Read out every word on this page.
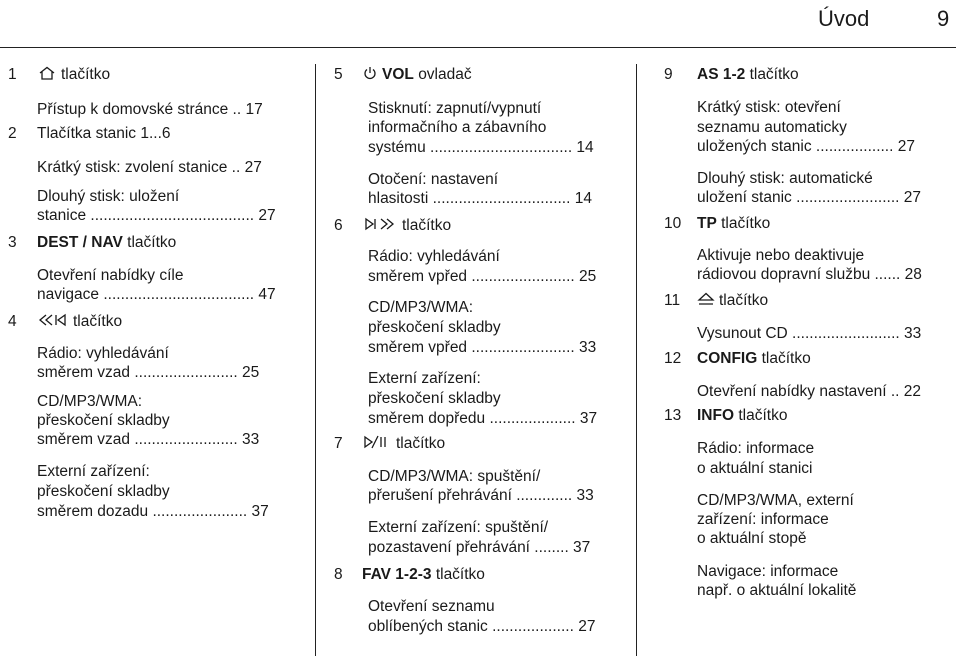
Úvod	9
1	tlačítko
Přístup k domovské stránce .. 17
2 Tlačítka stanic 1...6
Krátký stisk: zvolení stanice .. 27
Dlouhý stisk: uložení
stanice ...................................... 27
3 DEST / NAV tlačítko
Otevření nabídky cíle
navigace ................................... 47
4	tlačítko
Rádio: vyhledávání
směrem vzad ........................ 25
CD/MP3/WMA:
přeskočení skladby
směrem vzad ........................ 33
Externí zařízení:
přeskočení skladby
směrem dozadu ...................... 37
5	VOL ovladač
Stisknutí: zapnutí/vypnutí
informačního a zábavního
systému ................................. 14
Otočení: nastavení
hlasitosti ................................ 14
6	tlačítko
Rádio: vyhledávání
směrem vpřed ........................ 25
CD/MP3/WMA:
přeskočení skladby
směrem vpřed ........................ 33
Externí zařízení:
přeskočení skladby
směrem dopředu .................... 37
7	tlačítko
CD/MP3/WMA: spuštění/
přerušení přehrávání ............. 33
Externí zařízení: spuštění/
pozastavení přehrávání ........ 37
8 FAV 1-2-3 tlačítko
Otevření seznamu
oblíbených stanic ................... 27
9 AS 1-2 tlačítko
Krátký stisk: otevření
seznamu automaticky
uložených stanic .................. 27
Dlouhý stisk: automatické
uložení stanic ........................ 27
10 TP tlačítko
Aktivuje nebo deaktivuje
rádiovou dopravní službu ...... 28
11	tlačítko
Vysunout CD ......................... 33
12 CONFIG tlačítko
Otevření nabídky nastavení .. 22
13 INFO tlačítko
Rádio: informace
o aktuální stanici
CD/MP3/WMA, externí
zařízení: informace
o aktuální stopě
Navigace: informace
např. o aktuální lokalitě
